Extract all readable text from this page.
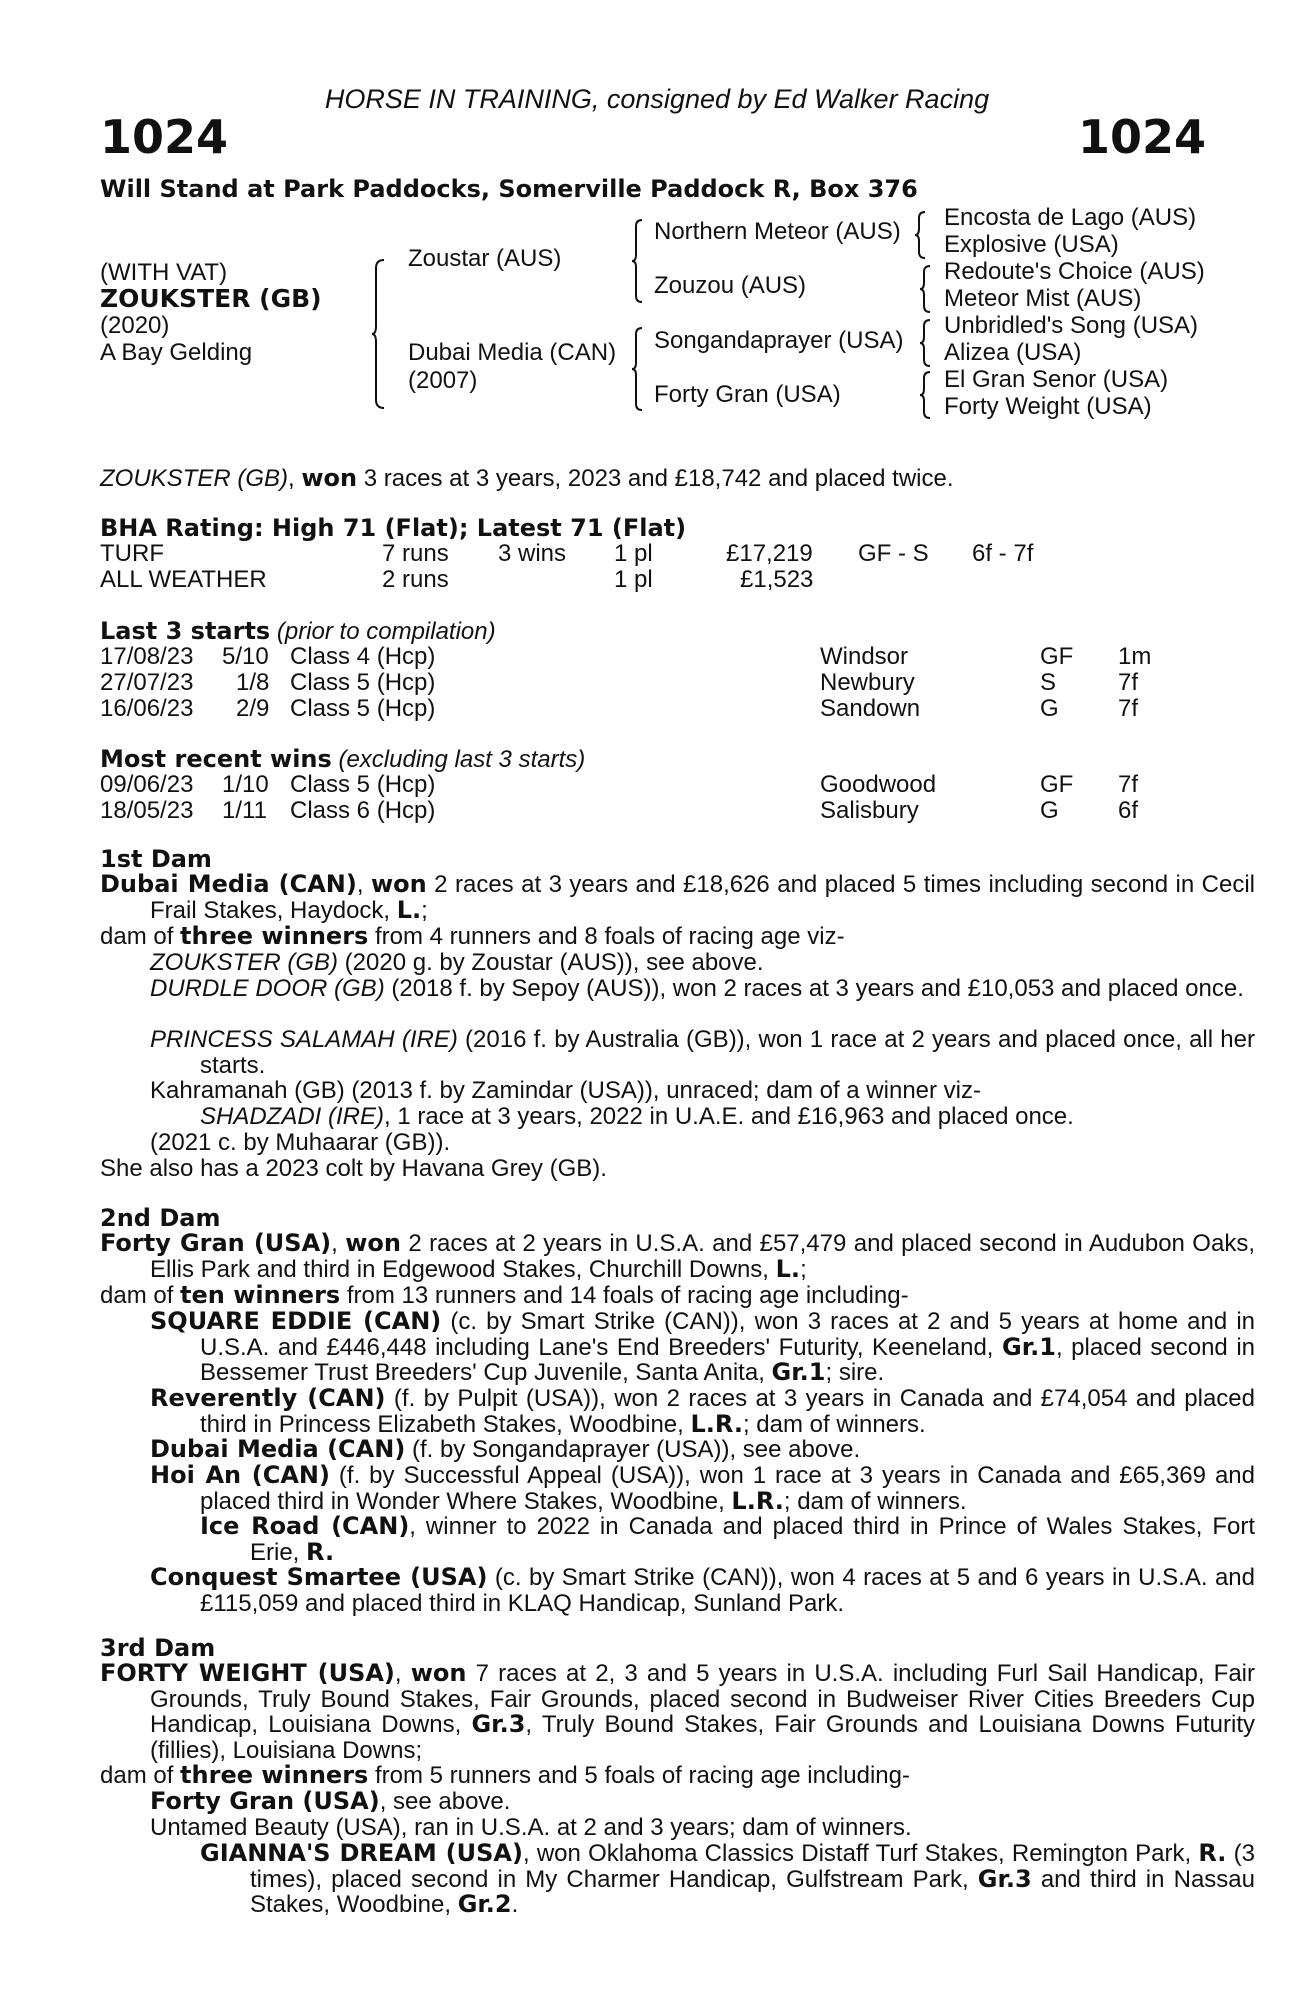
HORSE IN TRAINING, consigned by Ed Walker Racing
1024	1024
Will Stand at Park Paddocks, Somerville Paddock R, Box 376
(WITH VAT)
ZOUKSTER (GB)
(2020)
A Bay Gelding
Zoustar (AUS)
Dubai Media (CAN)
(2007)
Northern Meteor (AUS)
Zouzou (AUS)
Songandaprayer (USA)
Forty Gran (USA)
Encosta de Lago (AUS)
Explosive (USA)
Redoute's Choice (AUS)
Meteor Mist (AUS)
Unbridled's Song (USA)
Alizea (USA)
El Gran Senor (USA)
Forty Weight (USA)
ZOUKSTER (GB), won 3 races at 3 years, 2023 and £18,742 and placed twice.
BHA Rating: High 71 (Flat); Latest 71 (Flat)
TURF	7 runs 3 wins 1 pl	£17,219 GF - S 6f - 7f
ALL WEATHER	2 runs	1 pl	£1,523
Last 3 starts (prior to compilation)
17/08/23 5/10 Class 4 (Hcp)	Windsor	GF 1m
27/07/23 1/8 Class 5 (Hcp)	Newbury	S	7f
16/06/23 2/9 Class 5 (Hcp)	Sandown	G 7f
Most recent wins (excluding last 3 starts)
09/06/23 1/10 Class 5 (Hcp)	Goodwood	GF 7f
18/05/23 1/11 Class 6 (Hcp)	Salisbury	G 6f
1st Dam
Dubai Media (CAN), won 2 races at 3 years and £18,626 and placed 5 times including second in Cecil Frail Stakes, Haydock, L.;
dam of three winners from 4 runners and 8 foals of racing age viz-
ZOUKSTER (GB) (2020 g. by Zoustar (AUS)), see above.
DURDLE DOOR (GB) (2018 f. by Sepoy (AUS)), won 2 races at 3 years and £10,053 and placed once.
PRINCESS SALAMAH (IRE) (2016 f. by Australia (GB)), won 1 race at 2 years and placed once, all her starts.
Kahramanah (GB) (2013 f. by Zamindar (USA)), unraced; dam of a winner viz-
SHADZADI (IRE), 1 race at 3 years, 2022 in U.A.E. and £16,963 and placed once.
(2021 c. by Muhaarar (GB)).
She also has a 2023 colt by Havana Grey (GB).
2nd Dam
Forty Gran (USA), won 2 races at 2 years in U.S.A. and £57,479 and placed second in Audubon Oaks, Ellis Park and third in Edgewood Stakes, Churchill Downs, L.;
dam of ten winners from 13 runners and 14 foals of racing age including-
SQUARE EDDIE (CAN) (c. by Smart Strike (CAN)), won 3 races at 2 and 5 years at home and in U.S.A. and £446,448 including Lane's End Breeders' Futurity, Keeneland, Gr.1, placed second in Bessemer Trust Breeders' Cup Juvenile, Santa Anita, Gr.1; sire.
Reverently (CAN) (f. by Pulpit (USA)), won 2 races at 3 years in Canada and £74,054 and placed third in Princess Elizabeth Stakes, Woodbine, L.R.; dam of winners.
Dubai Media (CAN) (f. by Songandaprayer (USA)), see above.
Hoi An (CAN) (f. by Successful Appeal (USA)), won 1 race at 3 years in Canada and £65,369 and placed third in Wonder Where Stakes, Woodbine, L.R.; dam of winners.
Ice Road (CAN), winner to 2022 in Canada and placed third in Prince of Wales Stakes, Fort Erie, R.
Conquest Smartee (USA) (c. by Smart Strike (CAN)), won 4 races at 5 and 6 years in U.S.A. and £115,059 and placed third in KLAQ Handicap, Sunland Park.
3rd Dam
FORTY WEIGHT (USA), won 7 races at 2, 3 and 5 years in U.S.A. including Furl Sail Handicap, Fair Grounds, Truly Bound Stakes, Fair Grounds, placed second in Budweiser River Cities Breeders Cup Handicap, Louisiana Downs, Gr.3, Truly Bound Stakes, Fair Grounds and Louisiana Downs Futurity (fillies), Louisiana Downs;
dam of three winners from 5 runners and 5 foals of racing age including-
Forty Gran (USA), see above.
Untamed Beauty (USA), ran in U.S.A. at 2 and 3 years; dam of winners.
GIANNA'S DREAM (USA), won Oklahoma Classics Distaff Turf Stakes, Remington Park, R. (3 times), placed second in My Charmer Handicap, Gulfstream Park, Gr.3 and third in Nassau Stakes, Woodbine, Gr.2.
